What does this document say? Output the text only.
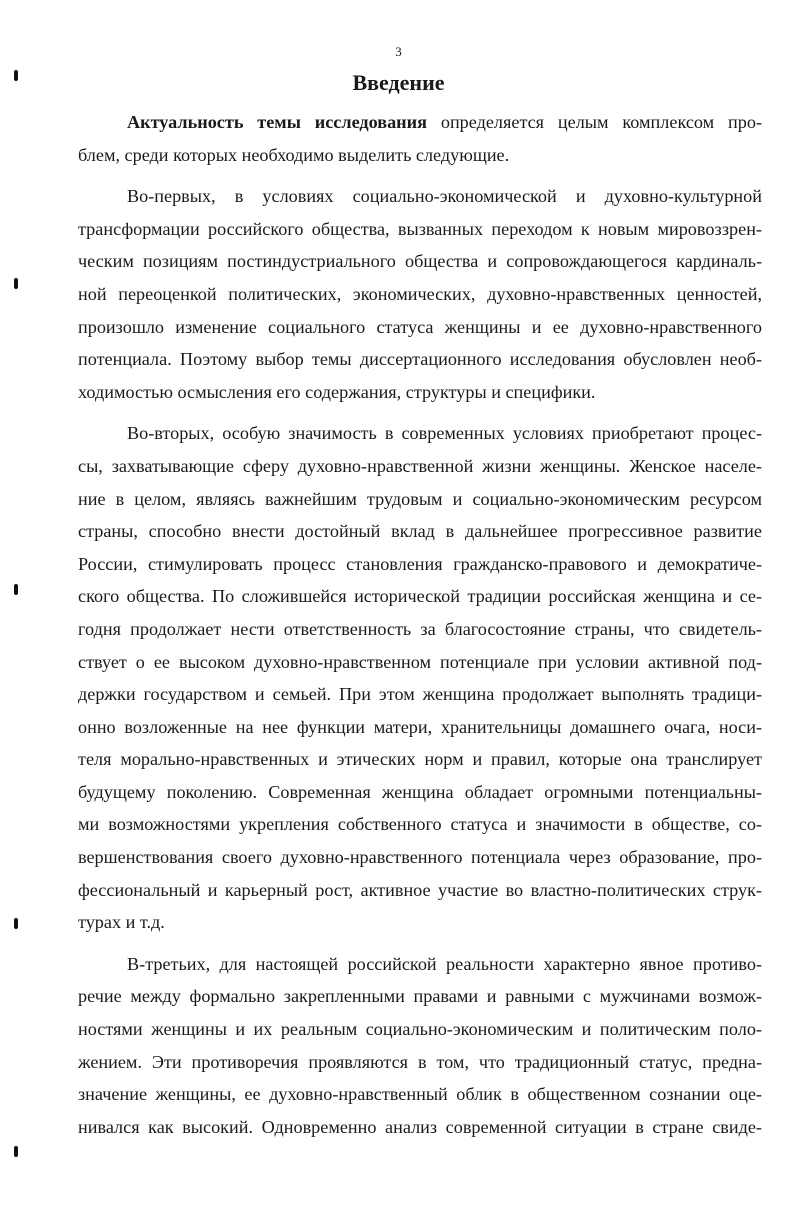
3
Введение
Актуальность темы исследования определяется целым комплексом про-
блем, среди которых необходимо выделить следующие.
Во-первых, в условиях социально-экономической и духовно-культурной
трансформации российского общества, вызванных переходом к новым мировоззрен-
ческим позициям постиндустриального общества и сопровождающегося кардиналь-
ной переоценкой политических, экономических, духовно-нравственных ценностей,
произошло изменение социального статуса женщины и ее духовно-нравственного
потенциала. Поэтому выбор темы диссертационного исследования обусловлен необ-
ходимостью осмысления его содержания, структуры и специфики.
Во-вторых, особую значимость в современных условиях приобретают процес-
сы, захватывающие сферу духовно-нравственной жизни женщины. Женское населе-
ние в целом, являясь важнейшим трудовым и социально-экономическим ресурсом
страны, способно внести достойный вклад в дальнейшее прогрессивное развитие
России, стимулировать процесс становления гражданско-правового и демократиче-
ского общества. По сложившейся исторической традиции российская женщина и се-
годня продолжает нести ответственность за благосостояние страны, что свидетель-
ствует о ее высоком духовно-нравственном потенциале при условии активной под-
держки государством и семьей. При этом женщина продолжает выполнять традици-
онно возложенные на нее функции матери, хранительницы домашнего очага, носи-
теля морально-нравственных и этических норм и правил, которые она транслирует
будущему поколению. Современная женщина обладает огромными потенциальны-
ми возможностями укрепления собственного статуса и значимости в обществе, со-
вершенствования своего духовно-нравственного потенциала через образование, про-
фессиональный и карьерный рост, активное участие во властно-политических струк-
турах и т.д.
В-третьих, для настоящей российской реальности характерно явное противо-
речие между формально закрепленными правами и равными с мужчинами возмож-
ностями женщины и их реальным социально-экономическим и политическим поло-
жением. Эти противоречия проявляются в том, что традиционный статус, предна-
значение женщины, ее духовно-нравственный облик в общественном сознании оце-
нивался как высокий. Одновременно анализ современной ситуации в стране свиде-
